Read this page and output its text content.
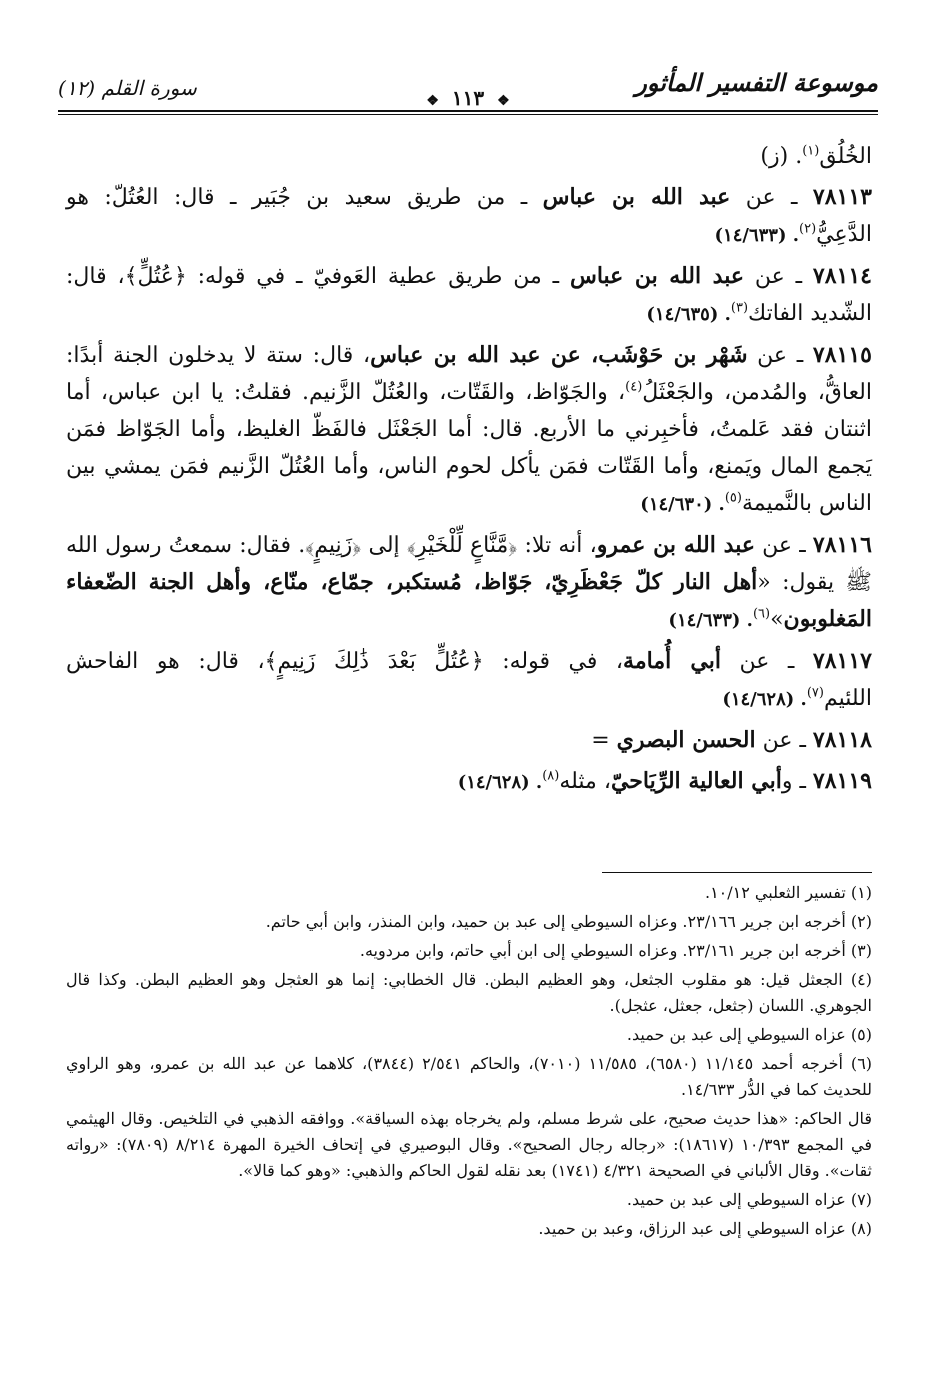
موسوعة التفسير المأثور
❖ ١١٣ ❖
سورة القلم (١٢)

الخُلُق$^{(١)}$. (ز)

٧٨١١٣ ـ عن عبد الله بن عباس ـ من طريق سعيد بن جُبَير ـ قال: العُتُلّ: هو الدَّعِيُّ$^{(٢)}$. (١٤/٦٣٣)

٧٨١١٤ ـ عن عبد الله بن عباس ـ من طريق عطية العَوفيّ ـ في قوله: ﴿عُتُلٍّ﴾، قال: الشّديد الفاتك$^{(٣)}$. (١٤/٦٣٥)

٧٨١١٥ ـ عن شَهْر بن حَوْشَب، عن عبد الله بن عباس، قال: ستة لا يدخلون الجنة أبدًا: العاقُّ، والمُدمن، والجَعْثَلُ$^{(٤)}$، والجَوّاظ، والقَتّات، والعُتُلّ الزَّنيم. فقلتُ: يا ابن عباس، أما اثنتان فقد عَلمتُ، فأخبِرني ما الأربع. قال: أما الجَعْثَل فالفَظّ الغليظ، وأما الجَوّاظ فمَن يَجمع المال ويَمنع، وأما القَتّات فمَن يأكل لحوم الناس، وأما العُتُلّ الزَّنيم فمَن يمشي بين الناس بالنَّميمة$^{(٥)}$. (١٤/٦٣٠)

٧٨١١٦ ـ عن عبد الله بن عمرو، أنه تلا: ﴿مَّنَّاعٍ لِّلْخَيْرِ﴾ إلى ﴿زَنِيمٍ﴾. فقال: سمعتُ رسول الله ﷺ يقول: «أهل النار كلّ جَعْظَرِيّ، جَوّاظ، مُستكبر، جمّاع، منّاع، وأهل الجنة الضّعفاء المَغلوبون»$^{(٦)}$. (١٤/٦٣٣)

٧٨١١٧ ـ عن أبي أُمامة، في قوله: ﴿عُتُلٍّ بَعْدَ ذَٰلِكَ زَنِيمٍ﴾، قال: هو الفاحش اللئيم$^{(٧)}$. (١٤/٦٢٨)

٧٨١١٨ ـ عن الحسن البصري =

٧٨١١٩ ـ وأبي العالية الرِّيَاحيّ، مثله$^{(٨)}$. (١٤/٦٢٨)

(١) تفسير الثعلبي ١٠/١٢.

(٢) أخرجه ابن جرير ٢٣/١٦٦. وعزاه السيوطي إلى عبد بن حميد، وابن المنذر، وابن أبي حاتم.

(٣) أخرجه ابن جرير ٢٣/١٦١. وعزاه السيوطي إلى ابن أبي حاتم، وابن مردويه.

(٤) الجعثل قيل: هو مقلوب الجثعل، وهو العظيم البطن. قال الخطابي: إنما هو العثجل وهو العظيم البطن. وكذا قال الجوهري. اللسان (جثعل، جعثل، عثجل).

(٥) عزاه السيوطي إلى عبد بن حميد.

(٦) أخرجه أحمد ١١/١٤٥ (٦٥٨٠)، ١١/٥٨٥ (٧٠١٠)، والحاكم ٢/٥٤١ (٣٨٤٤)، كلاهما عن عبد الله بن عمرو، وهو الراوي للحديث كما في الدُّر ١٤/٦٣٣.

قال الحاكم: «هذا حديث صحيح، على شرط مسلم، ولم يخرجاه بهذه السياقة». ووافقه الذهبي في التلخيص. وقال الهيثمي في المجمع ١٠/٣٩٣ (١٨٦١٧): «رجاله رجال الصحيح». وقال البوصيري في إتحاف الخيرة المهرة ٨/٢١٤ (٧٨٠٩): «رواته ثقات». وقال الألباني في الصحيحة ٤/٣٢١ (١٧٤١) بعد نقله لقول الحاكم والذهبي: «وهو كما قالا».

(٧) عزاه السيوطي إلى عبد بن حميد.

(٨) عزاه السيوطي إلى عبد الرزاق، وعبد بن حميد.
